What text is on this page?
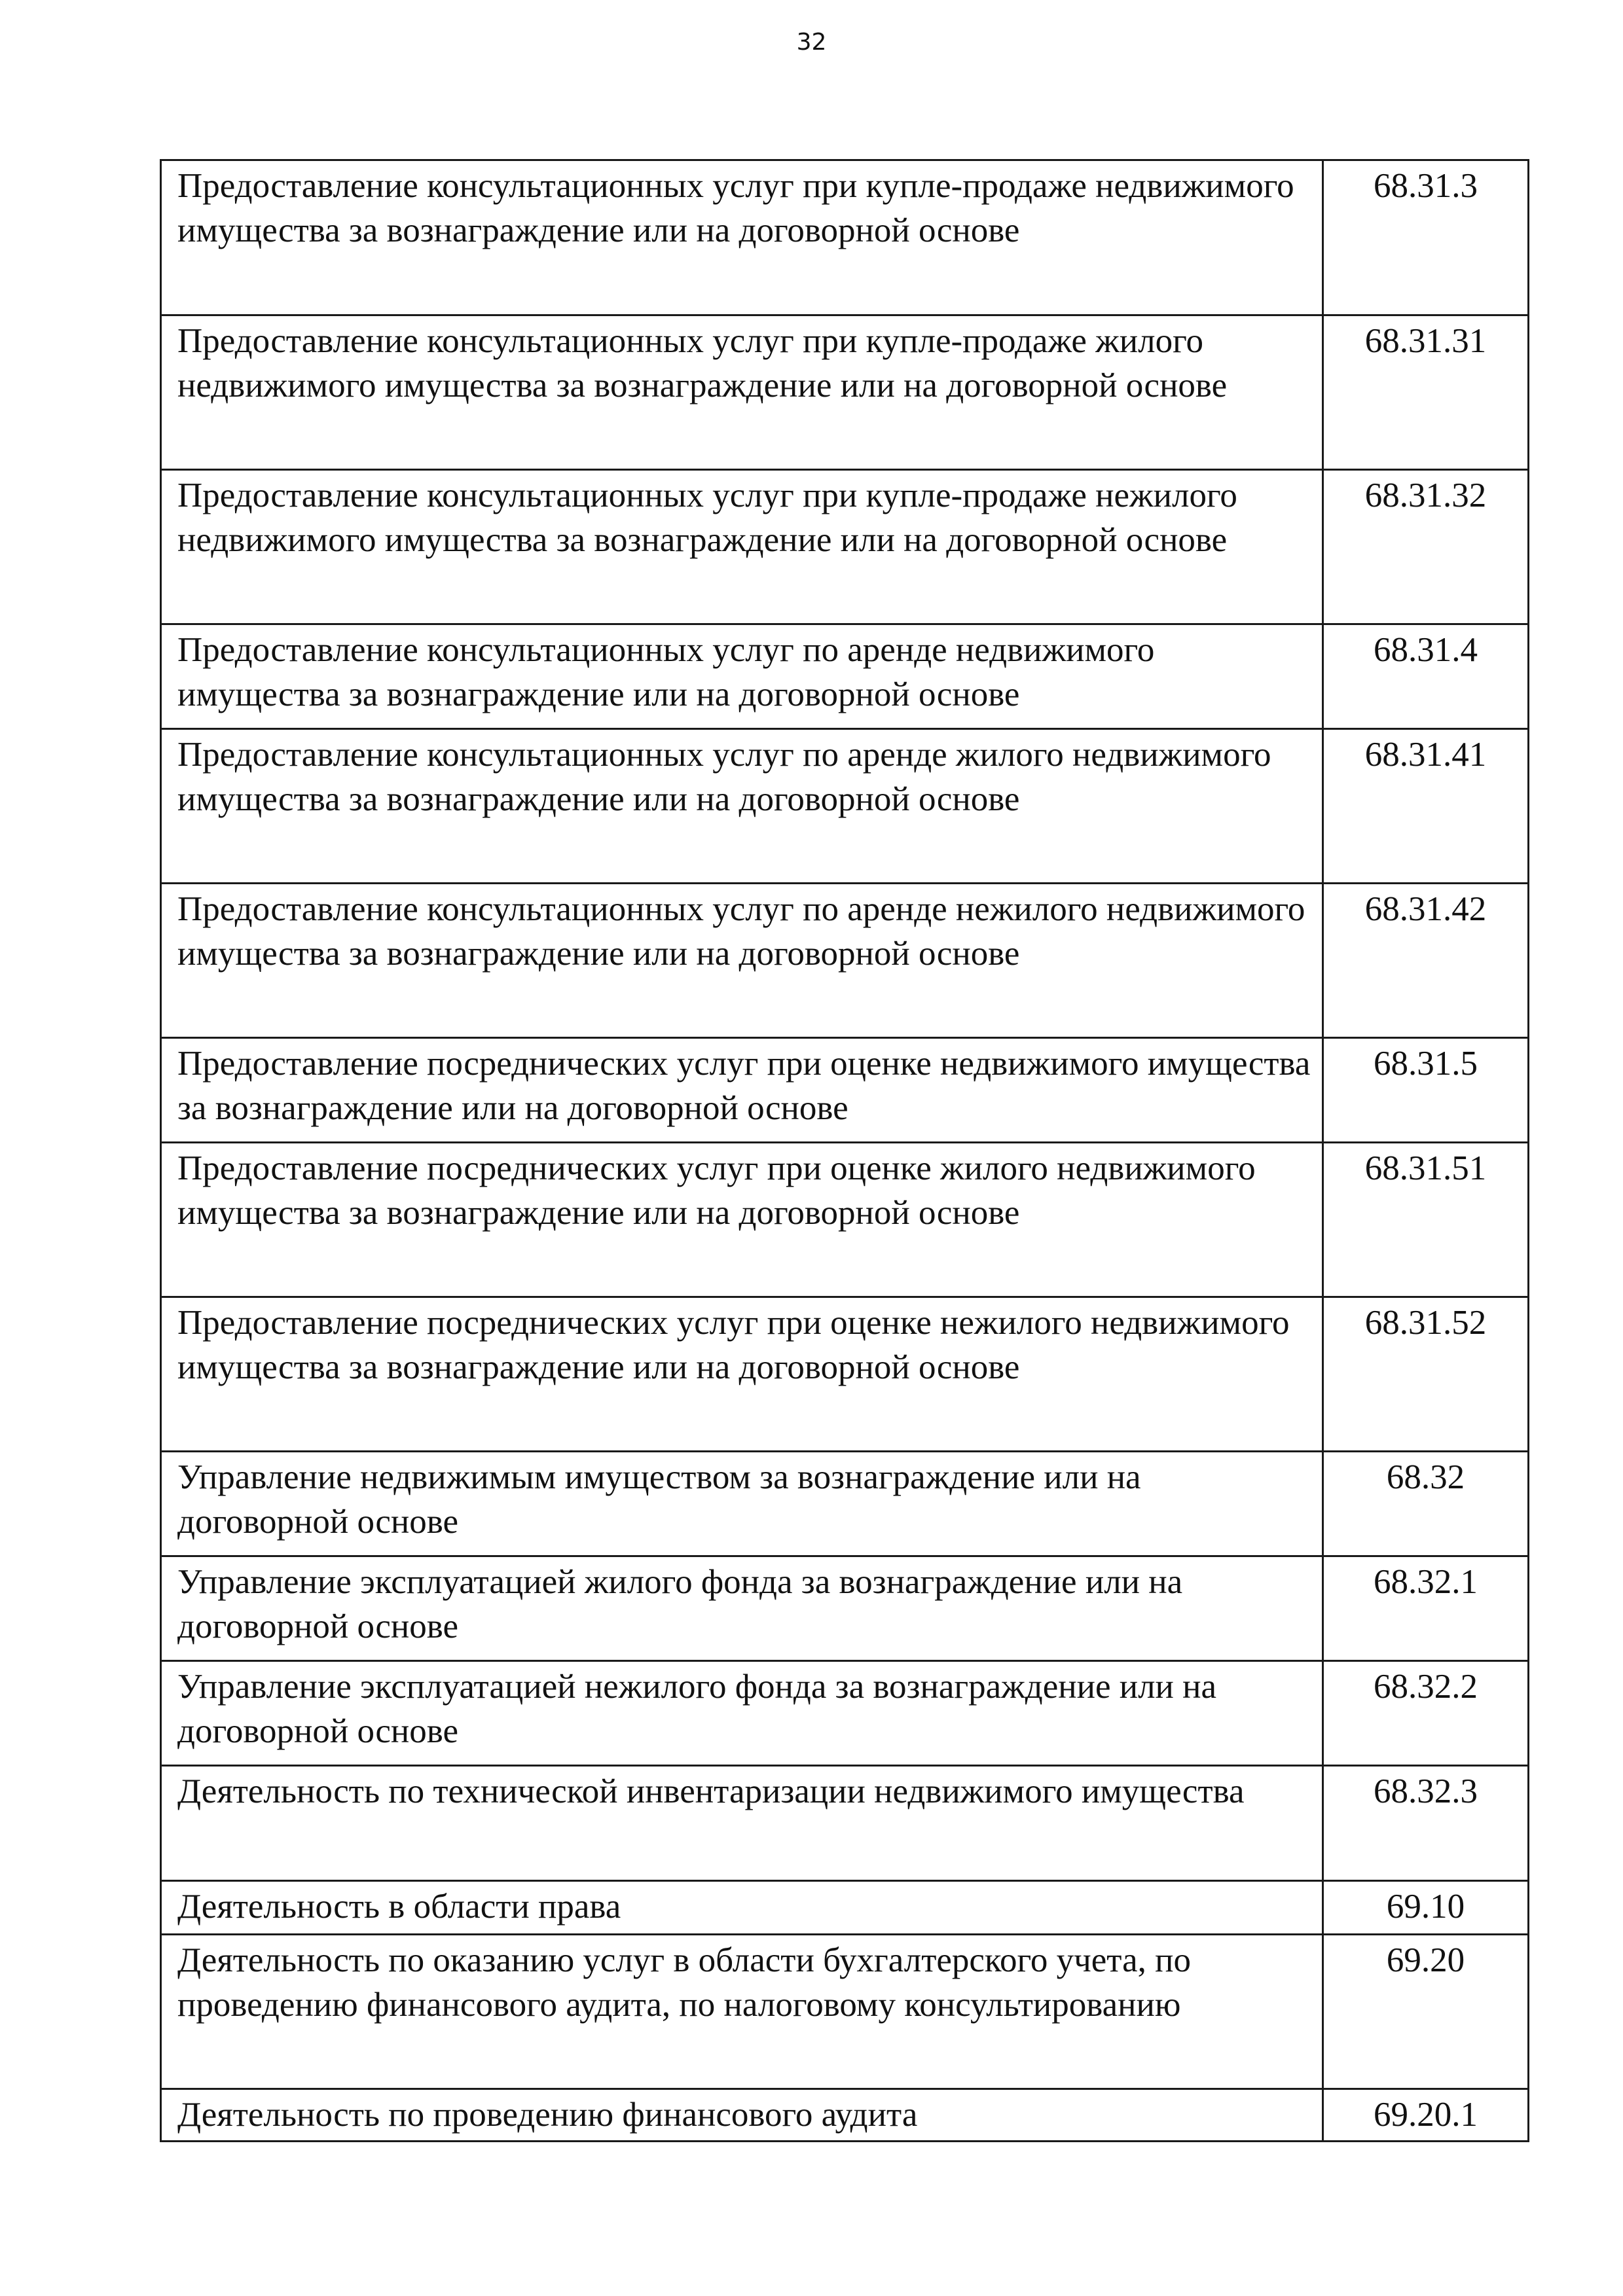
32
Предоставление консультационных услуг при купле-продаже недвижимого имущества за вознаграждение или на договорной основе	68.31.3
Предоставление консультационных услуг при купле-продаже жилого недвижимого имущества за вознаграждение или на договорной основе	68.31.31
Предоставление консультационных услуг при купле-продаже нежилого недвижимого имущества за вознаграждение или на договорной основе	68.31.32
Предоставление консультационных услуг по аренде недвижимого имущества за вознаграждение или на договорной основе	68.31.4
Предоставление консультационных услуг по аренде жилого недвижимого имущества за вознаграждение или на договорной основе	68.31.41
Предоставление консультационных услуг по аренде нежилого недвижимого имущества за вознаграждение или на договорной основе	68.31.42
Предоставление посреднических услуг при оценке недвижимого имущества за вознаграждение или на договорной основе	68.31.5
Предоставление посреднических услуг при оценке жилого недвижимого имущества за вознаграждение или на договорной основе	68.31.51
Предоставление посреднических услуг при оценке нежилого недвижимого имущества за вознаграждение или на договорной основе	68.31.52
Управление недвижимым имуществом за вознаграждение или на договорной основе	68.32
Управление эксплуатацией жилого фонда за вознаграждение или на договорной основе	68.32.1
Управление эксплуатацией нежилого фонда за вознаграждение или на договорной основе	68.32.2
Деятельность по технической инвентаризации недвижимого имущества	68.32.3
Деятельность в области права	69.10
Деятельность по оказанию услуг в области бухгалтерского учета, по проведению финансового аудита, по налоговому консультированию	69.20
Деятельность по проведению финансового аудита	69.20.1
